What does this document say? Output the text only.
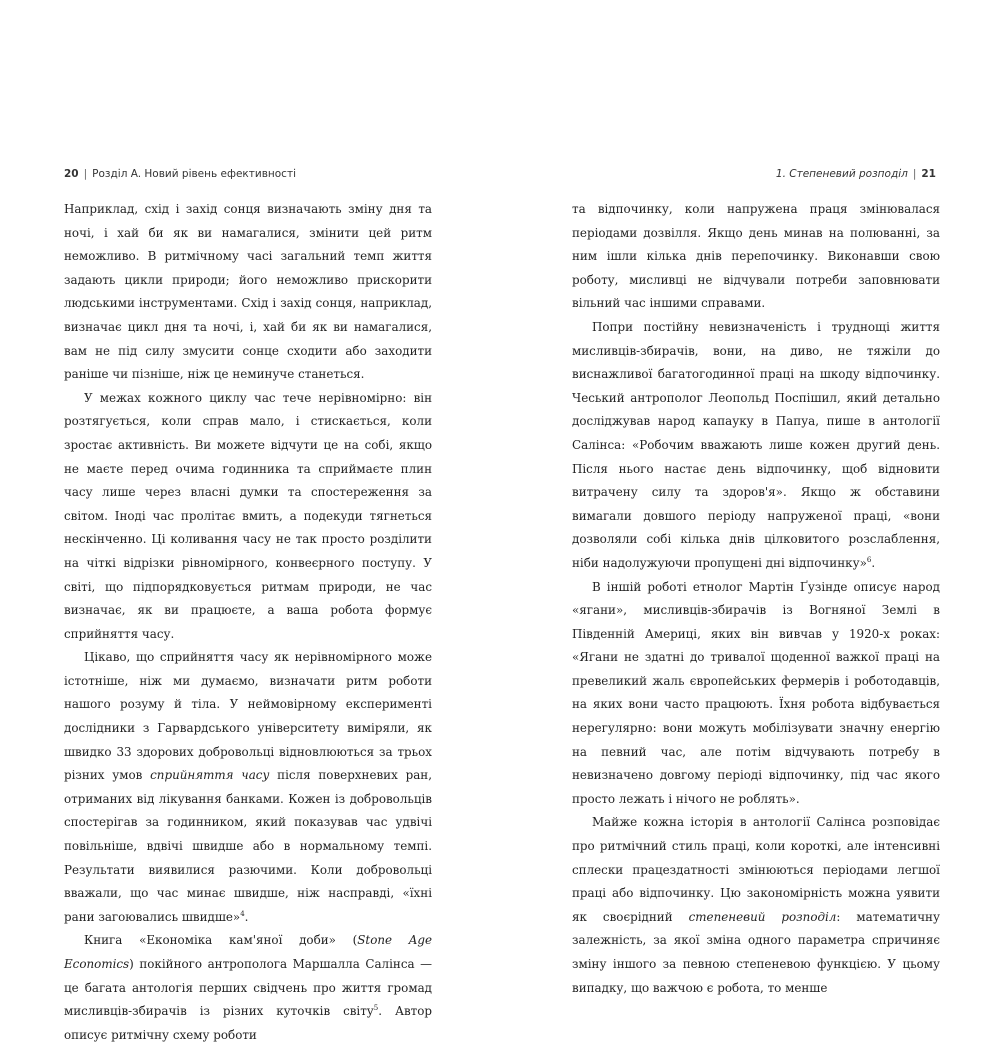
20 | Розділ A. Новий рівень ефективності

Наприклад, схід і захід сонця визначають зміну дня та ночі, і хай би як ви намагалися, змінити цей ритм неможливо. В ритмічному часі загальний темп життя задають цикли природи; його неможливо прискорити людськими інструментами. Схід і захід сонця, наприклад, визначає цикл дня та ночі, і, хай би як ви намагалися, вам не під силу змусити сонце сходити або заходити раніше чи пізніше, ніж це неминуче станеться.

У межах кожного циклу час тече нерівномірно: він розтягується, коли справ мало, і стискається, коли зростає активність. Ви можете відчути це на собі, якщо не маєте перед очима годинника та сприймаєте плин часу лише через власні думки та спостереження за світом. Іноді час пролітає вмить, а подекуди тягнеться нескінченно. Ці коливання часу не так просто розділити на чіткі відрізки рівномірного, конвеєрного поступу. У світі, що підпорядковується ритмам природи, не час визначає, як ви працюєте, а ваша робота формує сприйняття часу.

Цікаво, що сприйняття часу як нерівномірного може істотніше, ніж ми думаємо, визначати ритм роботи нашого розуму й тіла. У неймовірному експерименті дослідники з Гарвардського університету виміряли, як швидко 33 здорових добровольці відновлюються за трьох різних умов сприйняття часу після поверхневих ран, отриманих від лікування банками. Кожен із добровольців спостерігав за годинником, який показував час удвічі повільніше, вдвічі швидше або в нормальному темпі. Результати виявилися разючими. Коли добровольці вважали, що час минає швидше, ніж насправді, «їхні рани загоювались швидше»$^4$.

Книга «Економіка кам'яної доби» (Stone Age Economics) покійного антрополога Маршалла Салінса — це багата антологія перших свідчень про життя громад мисливців-збирачів із різних куточків світу$^5$. Автор описує ритмічну схему роботи

1. Степеневий розподіл | 21

та відпочинку, коли напружена праця змінювалася періодами дозвілля. Якщо день минав на полюванні, за ним ішли кілька днів перепочинку. Виконавши свою роботу, мисливці не відчували потреби заповнювати вільний час іншими справами.

Попри постійну невизначеність і труднощі життя мисливців-збирачів, вони, на диво, не тяжіли до виснажливої багатогодинної праці на шкоду відпочинку. Чеський антрополог Леопольд Поспішил, який детально досліджував народ капауку в Папуа, пише в антології Салінса: «Робочим вважають лише кожен другий день. Після нього настає день відпочинку, щоб відновити витрачену силу та здоров'я». Якщо ж обставини вимагали довшого періоду напруженої праці, «вони дозволяли собі кілька днів цілковитого розслаблення, ніби надолужуючи пропущені дні відпочинку»$^6$.

В іншій роботі етнолог Мартін Ґузінде описує народ «ягани», мисливців-збирачів із Вогняної Землі в Південній Америці, яких він вивчав у 1920-х роках: «Ягани не здатні до тривалої щоденної важкої праці на превеликий жаль європейських фермерів і роботодавців, на яких вони часто працюють. Їхня робота відбувається нерегулярно: вони можуть мобілізувати значну енергію на певний час, але потім відчувають потребу в невизначено довгому періоді відпочинку, під час якого просто лежать і нічого не роблять».

Майже кожна історія в антології Салінса розповідає про ритмічний стиль праці, коли короткі, але інтенсивні сплески працездатності змінюються періодами легшої праці або відпочинку. Цю закономірність можна уявити як своєрідний степеневий розподіл: математичну залежність, за якої зміна одного параметра спричиняє зміну іншого за певною степеневою функцією. У цьому випадку, що важчою є робота, то менше
